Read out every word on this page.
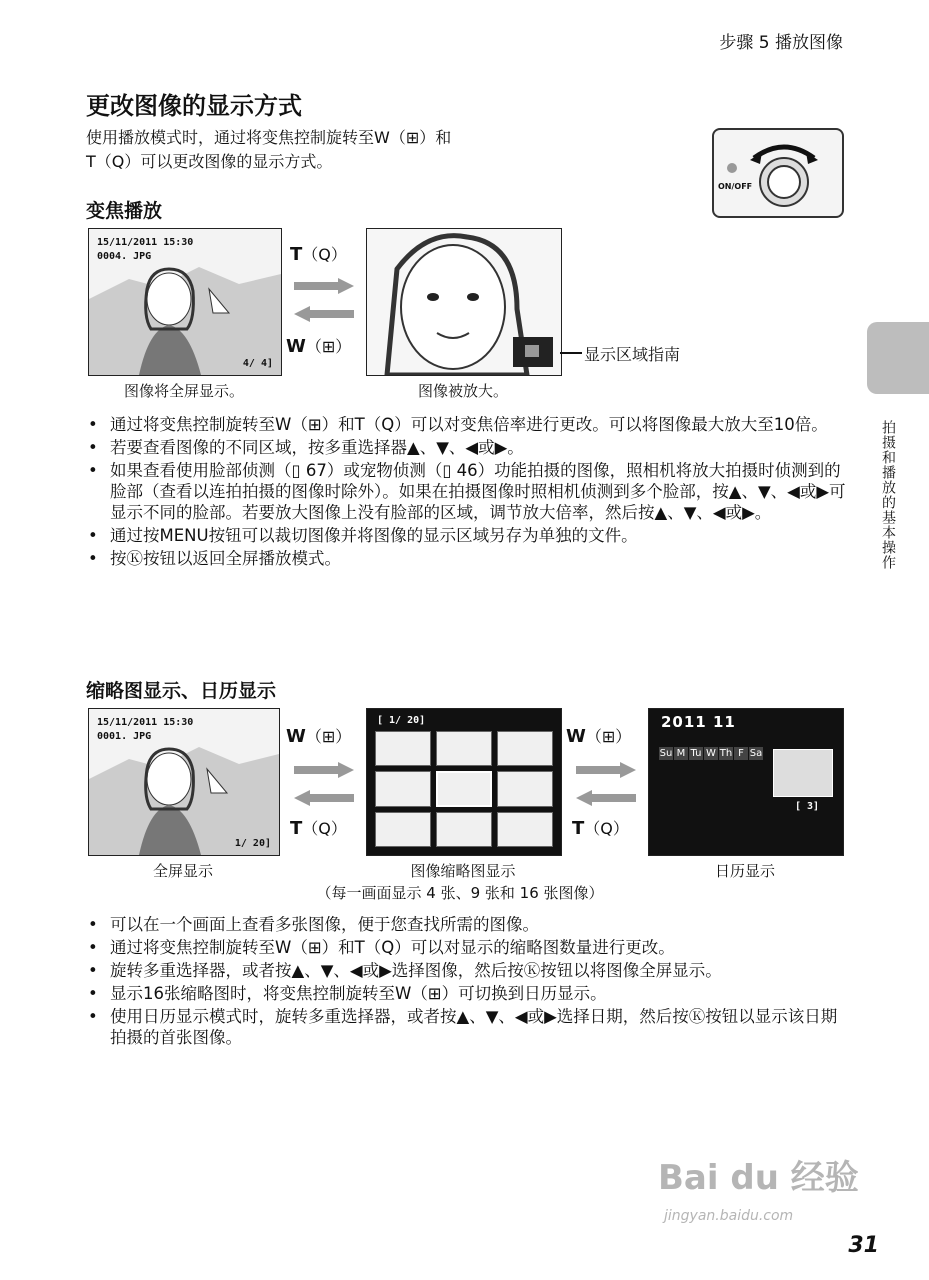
步骤 5 播放图像
更改图像的显示方式
使用播放模式时，通过将变焦控制旋转至W（⊞）和
T（Q）可以更改图像的显示方式。
ON/OFF
拍摄和播放的基本操作
变焦播放
15/11/2011 15:30
0004. JPG
4/ 4]
T（Q）
W（⊞）	显示区域指南
图像将全屏显示。	图像被放大。
• 通过将变焦控制旋转至W（⊞）和T（Q）可以对变焦倍率进行更改。可以将图像最大放大至10倍。
• 若要查看图像的不同区域，按多重选择器▲、▼、◀或▶。
• 如果查看使用脸部侦测（▯ 67）或宠物侦测（▯ 46）功能拍摄的图像，照相机将放大拍摄时侦测到的脸部（查看以连拍拍摄的图像时除外）。如果在拍摄图像时照相机侦测到多个脸部，按▲、▼、◀或▶可显示不同的脸部。若要放大图像上没有脸部的区域，调节放大倍率，然后按▲、▼、◀或▶。
• 通过按MENU按钮可以裁切图像并将图像的显示区域另存为单独的文件。
• 按Ⓚ按钮以返回全屏播放模式。
缩略图显示、日历显示
15/11/2011 15:30
0001. JPG
1/ 20]
W（⊞）
T（Q）
[ 1/ 20]
W（⊞）
T（Q）
2011 11
Su M Tu W Th F Sa
[ 3]
全屏显示	图像缩略图显示	日历显示
（每一画面显示 4 张、9 张和 16 张图像）
• 可以在一个画面上查看多张图像，便于您查找所需的图像。
• 通过将变焦控制旋转至W（⊞）和T（Q）可以对显示的缩略图数量进行更改。
• 旋转多重选择器，或者按▲、▼、◀或▶选择图像，然后按Ⓚ按钮以将图像全屏显示。
• 显示16张缩略图时，将变焦控制旋转至W（⊞）可切换到日历显示。
• 使用日历显示模式时，旋转多重选择器，或者按▲、▼、◀或▶选择日期，然后按Ⓚ按钮以显示该日期拍摄的首张图像。
Bai du 经验
jingyan.baidu.com
31
